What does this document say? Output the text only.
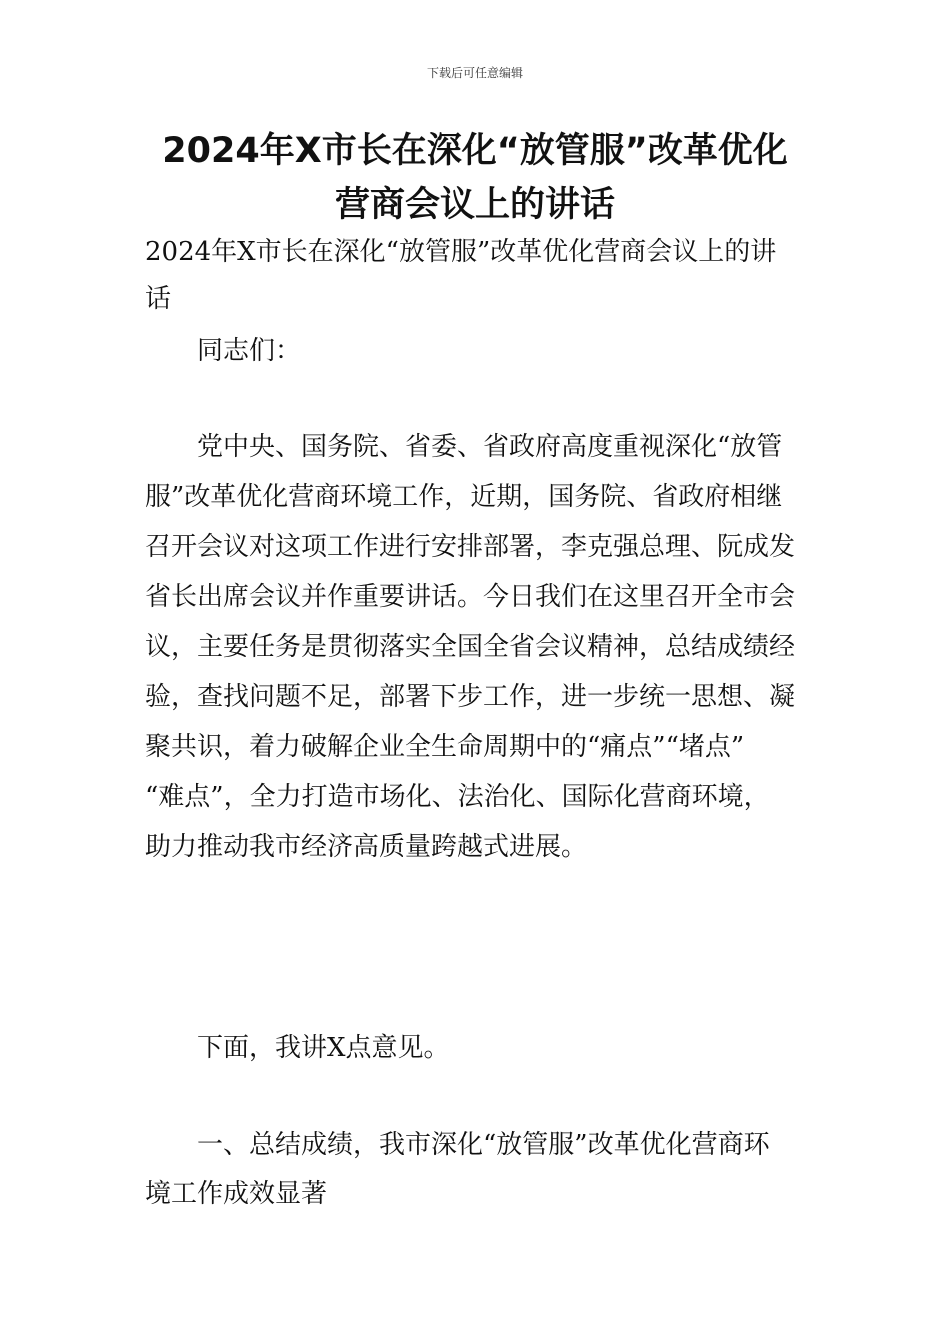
下载后可任意编辑
2024年X市长在深化“放管服”改革优化
营商会议上的讲话

2024年X市长在深化“放管服”改革优化营商会议上的讲

话

同志们：

党中央、国务院、省委、省政府高度重视深化“放管

服”改革优化营商环境工作，近期，国务院、省政府相继

召开会议对这项工作进行安排部署，李克强总理、阮成发

省长出席会议并作重要讲话。今日我们在这里召开全市会

议，主要任务是贯彻落实全国全省会议精神，总结成绩经

验，查找问题不足，部署下步工作，进一步统一思想、凝

聚共识，着力破解企业全生命周期中的“痛点”“堵点”

“难点”，全力打造市场化、法治化、国际化营商环境，

助力推动我市经济高质量跨越式进展。

下面，我讲X点意见。

一、总结成绩，我市深化“放管服”改革优化营商环

境工作成效显著
